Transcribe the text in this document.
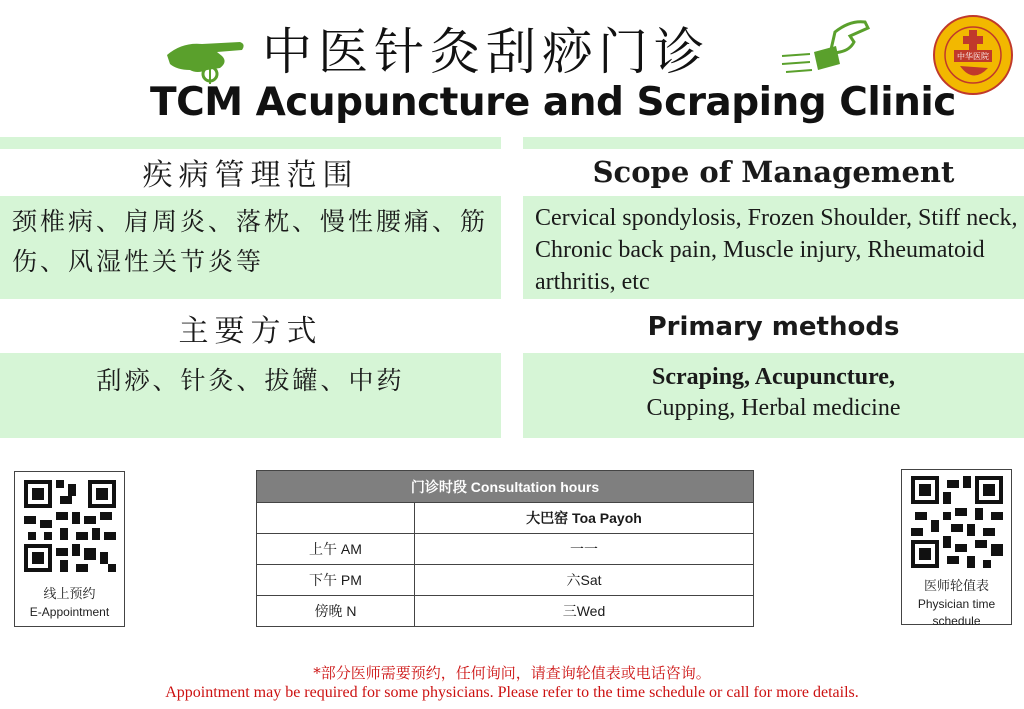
中医针灸刮痧门诊	中华医院
TCM Acupuncture and Scraping Clinic
疾病管理范围	Scope of Management
颈椎病、肩周炎、落枕、慢性腰痛、筋伤、风湿性关节炎等
Cervical spondylosis, Frozen Shoulder, Stiff neck, Chronic back pain, Muscle injury, Rheumatoid arthritis, etc
主要方式	Primary methods
刮痧、针灸、拔罐、中药	Scraping, Acupuncture,
Cupping, Herbal medicine
线上预约
E-Appointment
医师轮值表
Physician time schedule
门诊时段 Consultation hours	
	大巴窑 Toa Payoh
上午 AM	一一
下午 PM	六Sat
傍晚 N	三Wed
*部分医师需要预约，任何询问，请查询轮值表或电话咨询。
Appointment may be required for some physicians. Please refer to the time schedule or call for more details.
